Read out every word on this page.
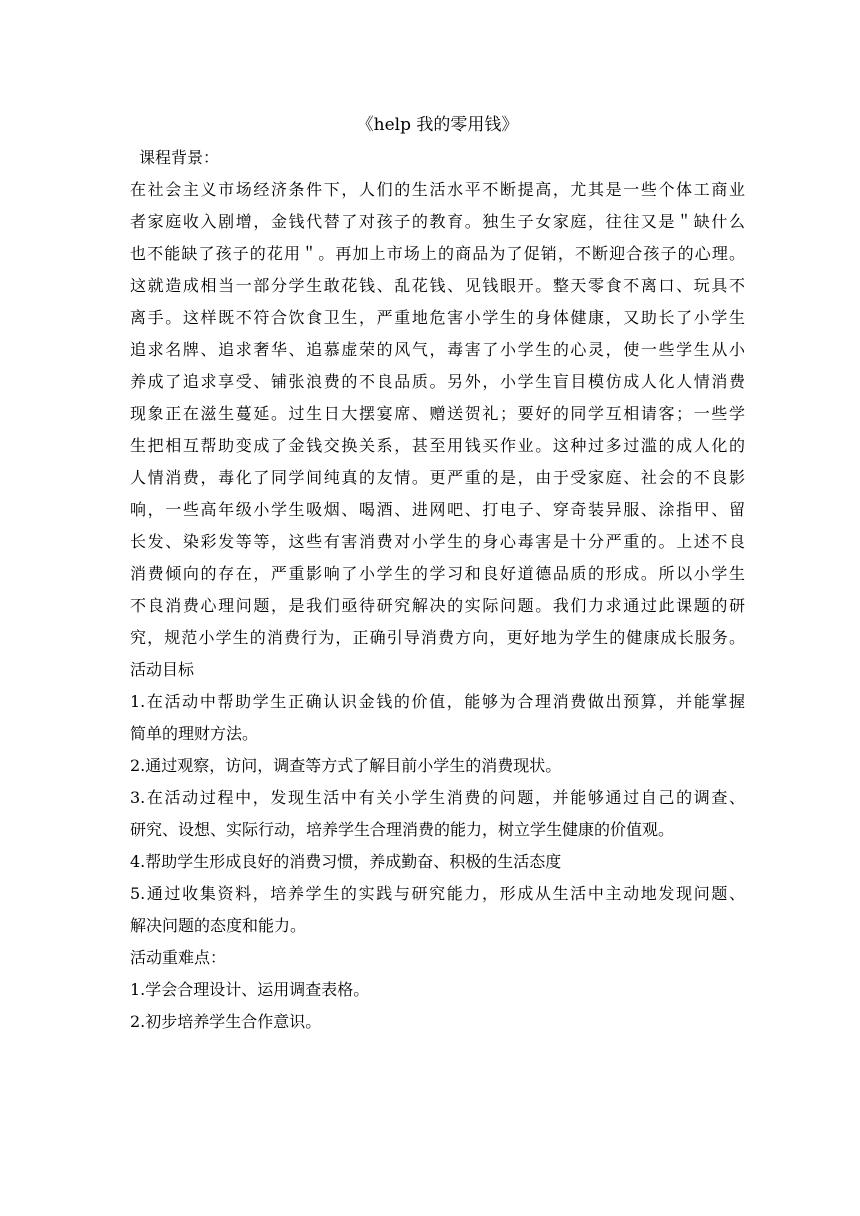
《help 我的零用钱》
课程背景：
在社会主义市场经济条件下，人们的生活水平不断提高，尤其是一些个体工商业
者家庭收入剧增，金钱代替了对孩子的教育。独生子女家庭，往往又是＂缺什么
也不能缺了孩子的花用＂。再加上市场上的商品为了促销，不断迎合孩子的心理。
这就造成相当一部分学生敢花钱、乱花钱、见钱眼开。整天零食不离口、玩具不
离手。这样既不符合饮食卫生，严重地危害小学生的身体健康，又助长了小学生
追求名牌、追求奢华、追慕虚荣的风气，毒害了小学生的心灵，使一些学生从小
养成了追求享受、铺张浪费的不良品质。另外，小学生盲目模仿成人化人情消费
现象正在滋生蔓延。过生日大摆宴席、赠送贺礼；要好的同学互相请客；一些学
生把相互帮助变成了金钱交换关系，甚至用钱买作业。这种过多过滥的成人化的
人情消费，毒化了同学间纯真的友情。更严重的是，由于受家庭、社会的不良影
响，一些高年级小学生吸烟、喝酒、进网吧、打电子、穿奇装异服、涂指甲、留
长发、染彩发等等，这些有害消费对小学生的身心毒害是十分严重的。上述不良
消费倾向的存在，严重影响了小学生的学习和良好道德品质的形成。所以小学生
不良消费心理问题，是我们亟待研究解决的实际问题。我们力求通过此课题的研
究，规范小学生的消费行为，正确引导消费方向，更好地为学生的健康成长服务。
活动目标
1.在活动中帮助学生正确认识金钱的价值，能够为合理消费做出预算，并能掌握
简单的理财方法。
2.通过观察，访问，调查等方式了解目前小学生的消费现状。
3.在活动过程中，发现生活中有关小学生消费的问题，并能够通过自己的调查、
研究、设想、实际行动，培养学生合理消费的能力，树立学生健康的价值观。
4.帮助学生形成良好的消费习惯，养成勤奋、积极的生活态度
5.通过收集资料，培养学生的实践与研究能力，形成从生活中主动地发现问题、
解决问题的态度和能力。
活动重难点：
1.学会合理设计、运用调查表格。
2.初步培养学生合作意识。
